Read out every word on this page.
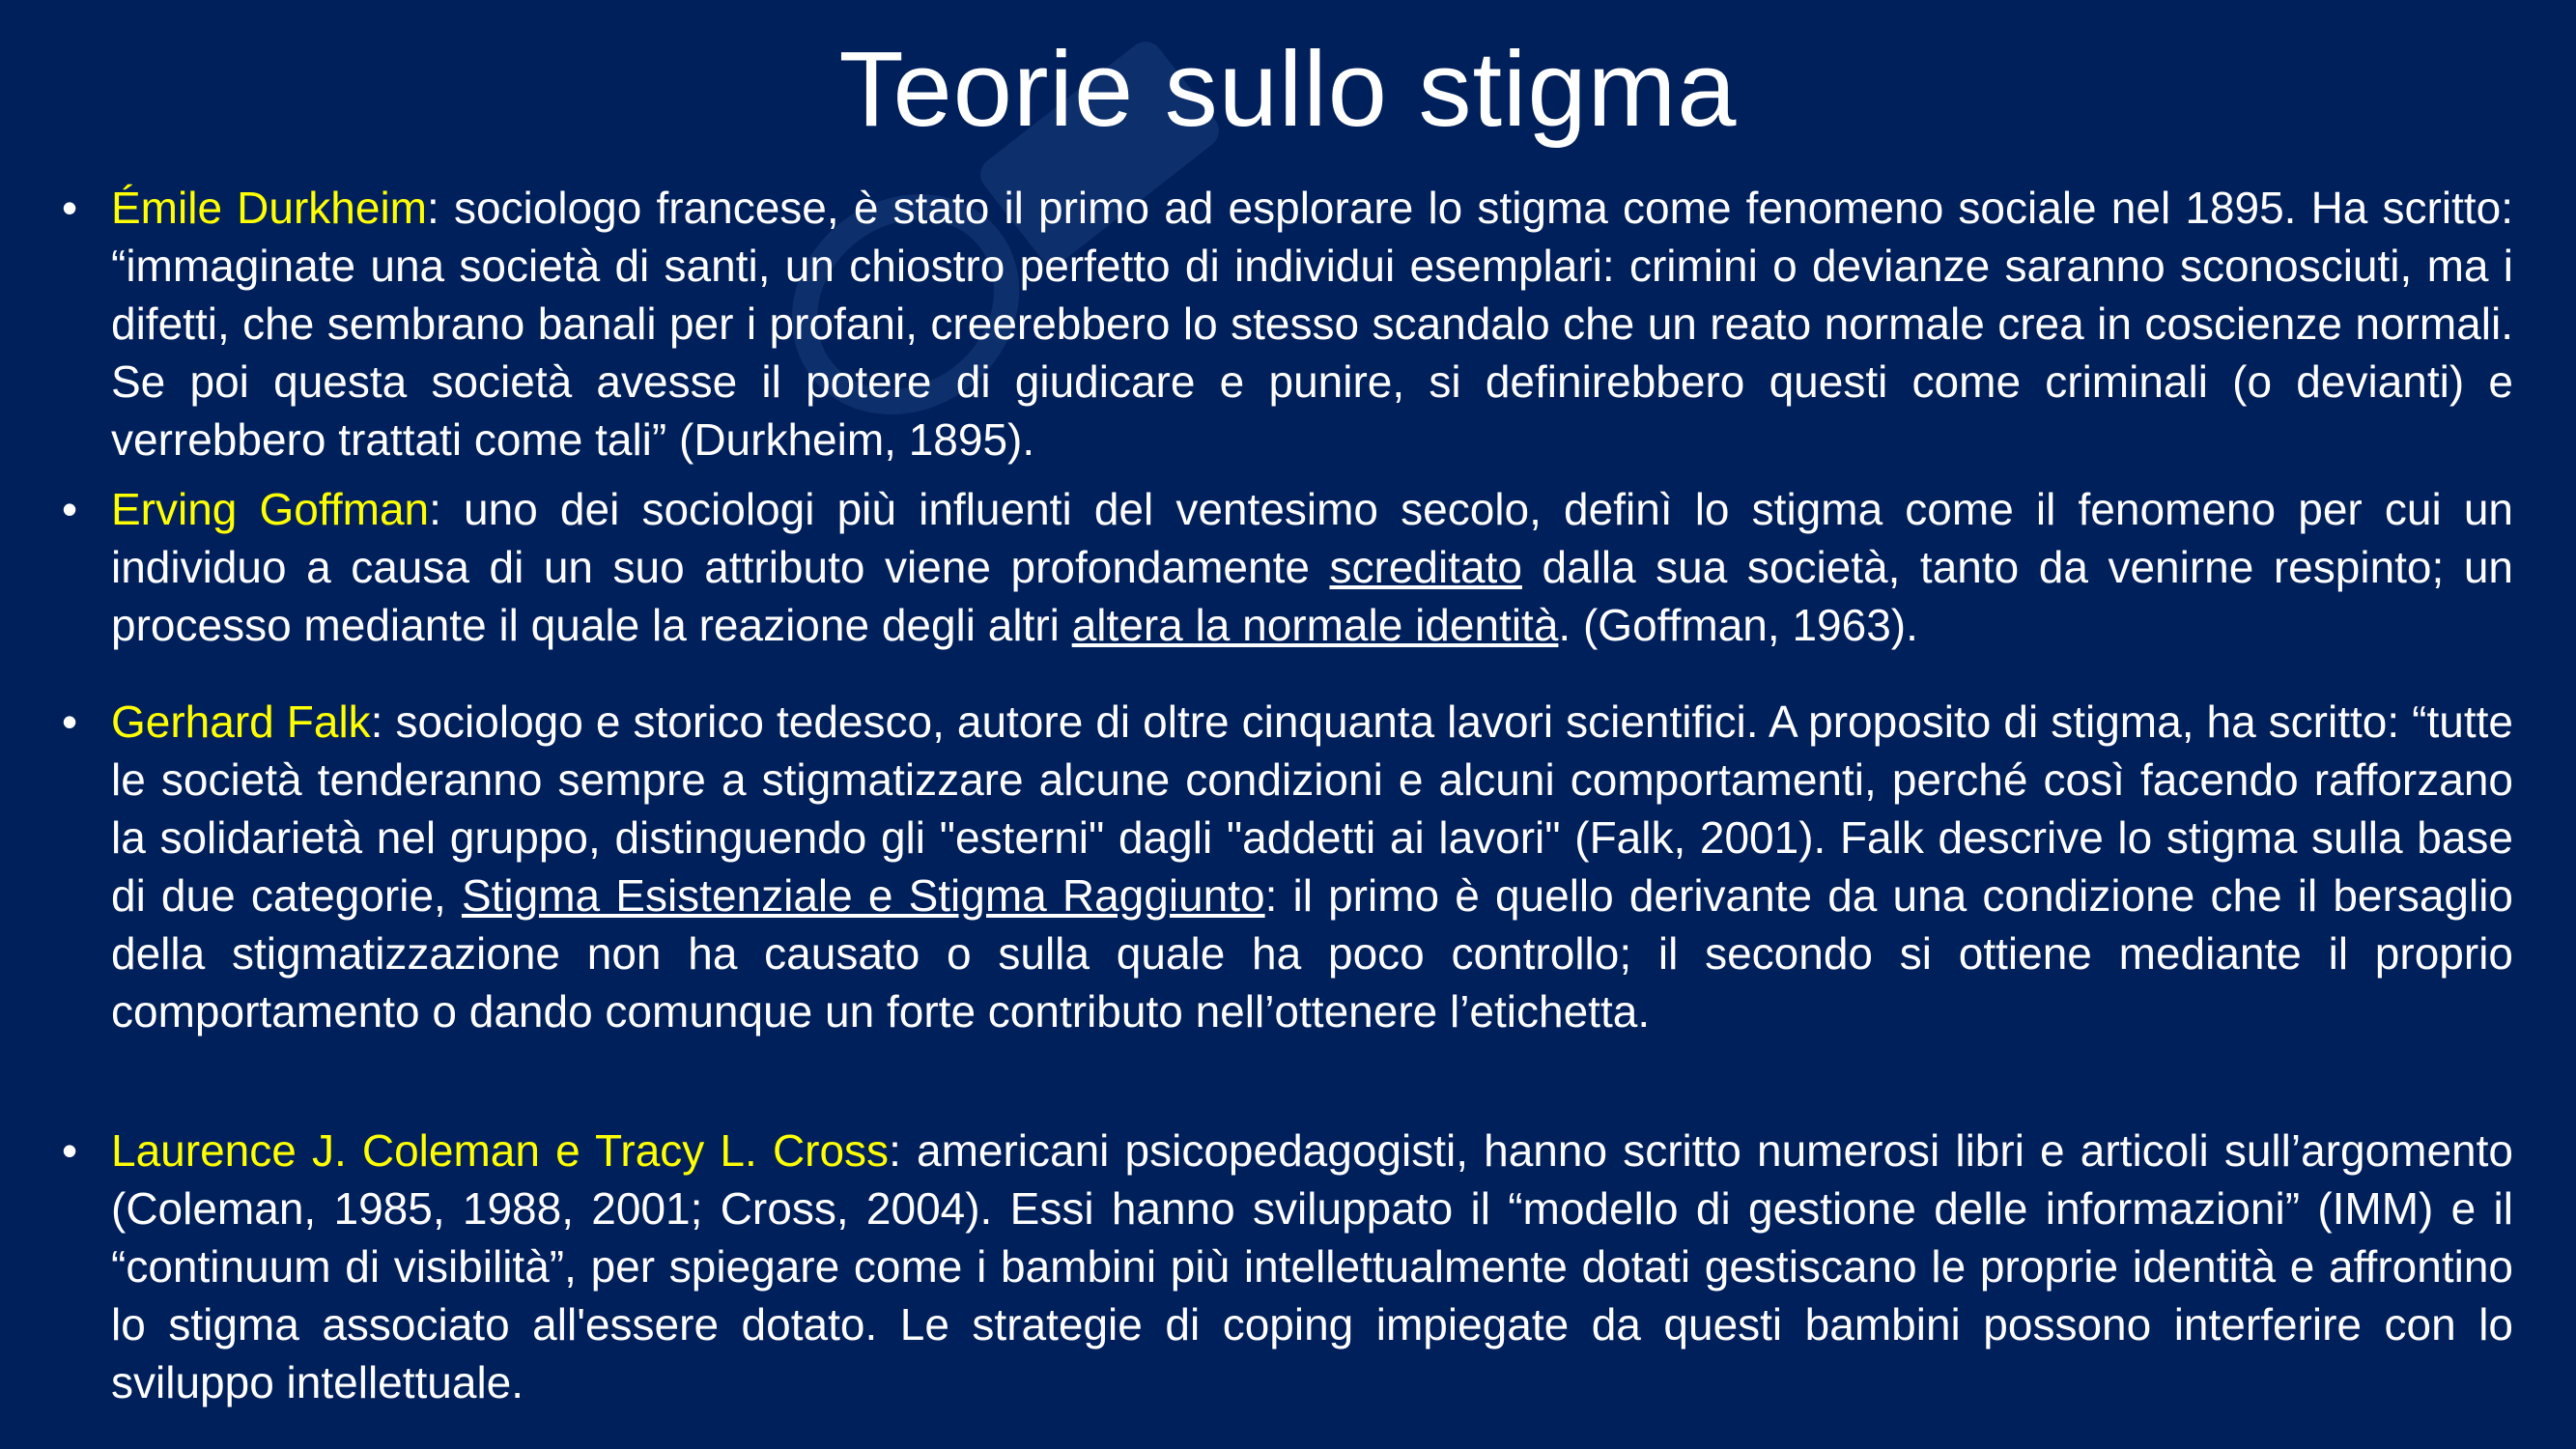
Teorie sullo stigma
• Émile Durkheim: sociologo francese, è stato il primo ad esplorare lo stigma come fenomeno sociale nel 1895. Ha scritto: “immaginate una società di santi, un chiostro perfetto di individui esemplari: crimini o devianze saranno sconosciuti, ma i difetti, che sembrano banali per i profani, creerebbero lo stesso scandalo che un reato normale crea in coscienze normali. Se poi questa società avesse il potere di giudicare e punire, si definirebbero questi come criminali (o devianti) e verrebbero trattati come tali” (Durkheim, 1895).
• Erving Goffman: uno dei sociologi più influenti del ventesimo secolo, definì lo stigma come il fenomeno per cui un individuo a causa di un suo attributo viene profondamente screditato dalla sua società, tanto da venirne respinto; un processo mediante il quale la reazione degli altri altera la normale identità. (Goffman, 1963).
• Gerhard Falk: sociologo e storico tedesco, autore di oltre cinquanta lavori scientifici. A proposito di stigma, ha scritto: “tutte le società tenderanno sempre a stigmatizzare alcune condizioni e alcuni comportamenti, perché così facendo rafforzano la solidarietà nel gruppo, distinguendo gli "esterni" dagli "addetti ai lavori" (Falk, 2001). Falk descrive lo stigma sulla base di due categorie, Stigma Esistenziale e Stigma Raggiunto: il primo è quello derivante da una condizione che il bersaglio della stigmatizzazione non ha causato o sulla quale ha poco controllo; il secondo si ottiene mediante il proprio comportamento o dando comunque un forte contributo nell’ottenere l’etichetta.
• Laurence J. Coleman e Tracy L. Cross: americani psicopedagogisti, hanno scritto numerosi libri e articoli sull’argomento (Coleman, 1985, 1988, 2001; Cross, 2004). Essi hanno sviluppato il “modello di gestione delle informazioni” (IMM) e il “continuum di visibilità”, per spiegare come i bambini più intellettualmente dotati gestiscano le proprie identità e affrontino lo stigma associato all'essere dotato. Le strategie di coping impiegate da questi bambini possono interferire con lo sviluppo intellettuale.
